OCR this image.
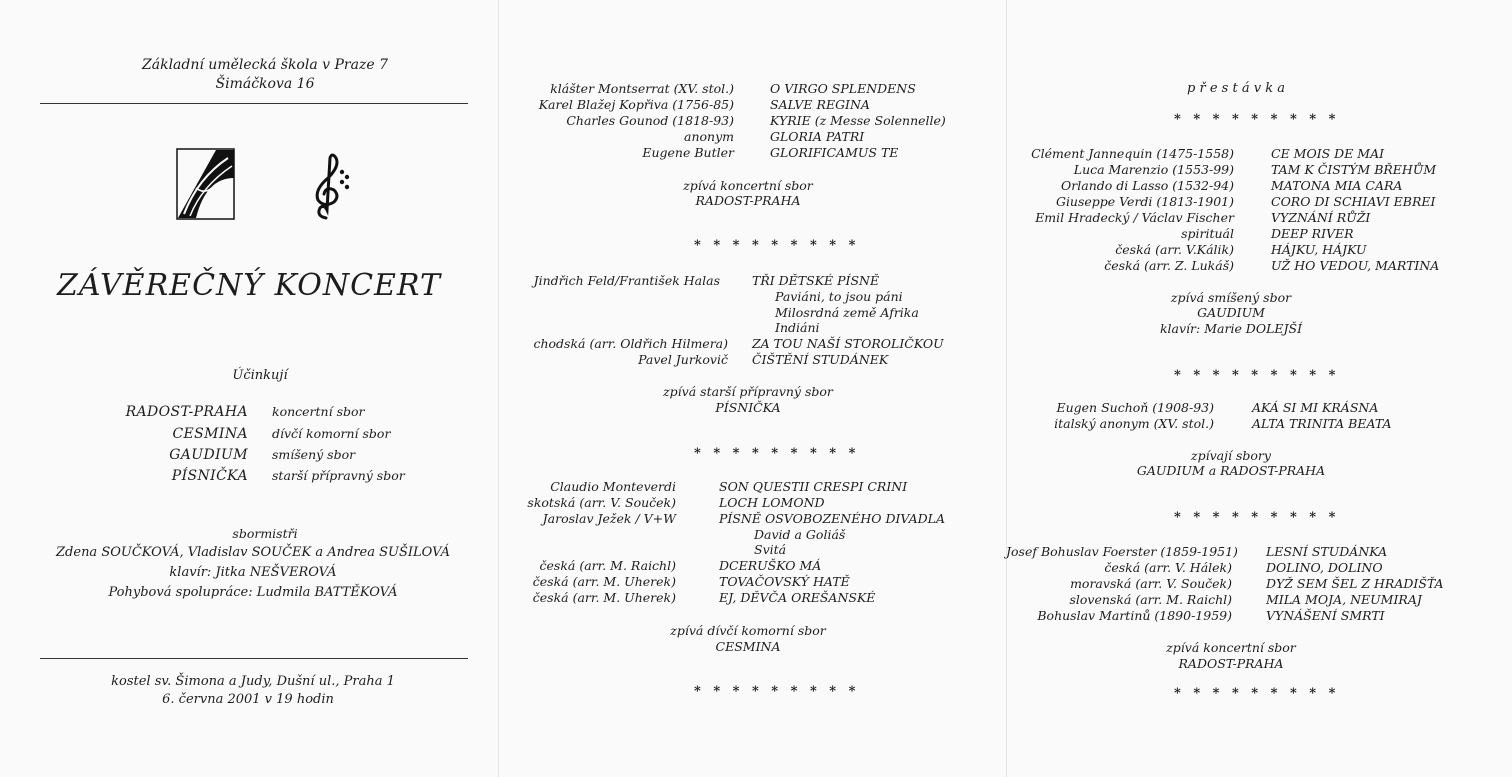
Základní umělecká škola v Praze 7
Šimáčkova 16
ZÁVĚREČNÝ KONCERT
Účinkují
RADOST-PRAHA koncertní sbor
CESMINA dívčí komorní sbor
GAUDIUM smíšený sbor
PÍSNIČKA starší přípravný sbor
sbormistři
Zdena SOUČKOVÁ, Vladislav SOUČEK a Andrea SUŠILOVÁ
klavír: Jitka NEŠVEROVÁ
Pohybová spolupráce: Ludmila BATTĚKOVÁ
kostel sv. Šimona a Judy, Dušní ul., Praha 1
6. června 2001 v 19 hodin
klášter Montserrat (XV. stol.)	O VIRGO SPLENDENS
Karel Blažej Kopřiva (1756-85)	SALVE REGINA
Charles Gounod (1818-93)	KYRIE (z Messe Solennelle)
anonym	GLORIA PATRI
Eugene Butler	GLORIFICAMUS TE
zpívá koncertní sbor
RADOST-PRAHA
* * * * * * * * *
Jindřich Feld/František Halas	TŘI DĚTSKÉ PÍSNĚ
Paviáni, to jsou páni
Milosrdná země Afrika
Indiáni
chodská (arr. Oldřich Hilmera) ZA TOU NAŠÍ STOROLIČKOU
Pavel Jurkovič ČIŠTĚNÍ STUDÁNEK
zpívá starší přípravný sbor
PÍSNIČKA
* * * * * * * * *
Claudio Monteverdi	SON QUESTII CRESPI CRINI
skotská (arr. V. Souček)	LOCH LOMOND
Jaroslav Ježek / V+W	PÍSNĚ OSVOBOZENÉHO DIVADLA
David a Goliáš
Svitá
česká (arr. M. Raichl)	DCERUŠKO MÁ
česká (arr. M. Uherek)	TOVAČOVSKÝ HATĚ
česká (arr. M. Uherek)	EJ, DĚVČA OREŠANSKÉ
zpívá dívčí komorní sbor
CESMINA
* * * * * * * * *
p ř e s t á v k a
* * * * * * * * *
Clément Jannequin (1475-1558)	CE MOIS DE MAI
Luca Marenzio (1553-99)	TAM K ČISTÝM BŘEHŮM
Orlando di Lasso (1532-94)	MATONA MIA CARA
Giuseppe Verdi (1813-1901)	CORO DI SCHIAVI EBREI
Emil Hradecký / Václav Fischer	VYZNÁNÍ RŮŽI
spirituál	DEEP RIVER
česká (arr. V.Kálik)	HÁJKU, HÁJKU
česká (arr. Z. Lukáš)	UŽ HO VEDOU, MARTINA
zpívá smíšený sbor
GAUDIUM
klavír: Marie DOLEJŠÍ
* * * * * * * * *
Eugen Suchoň (1908-93)	AKÁ SI MI KRÁSNA
italský anonym (XV. stol.)	ALTA TRINITA BEATA
zpívají sbory
GAUDIUM a RADOST-PRAHA
* * * * * * * * *
Josef Bohuslav Foerster (1859-1951) LESNÍ STUDÁNKA
česká (arr. V. Hálek)	DOLINO, DOLINO
moravská (arr. V. Souček)	DYŽ SEM ŠEL Z HRADIŠŤA
slovenská (arr. M. Raichl)	MILA MOJA, NEUMIRAJ
Bohuslav Martinů (1890-1959)	VYNÁŠENÍ SMRTI
zpívá koncertní sbor
RADOST-PRAHA
* * * * * * * * *
